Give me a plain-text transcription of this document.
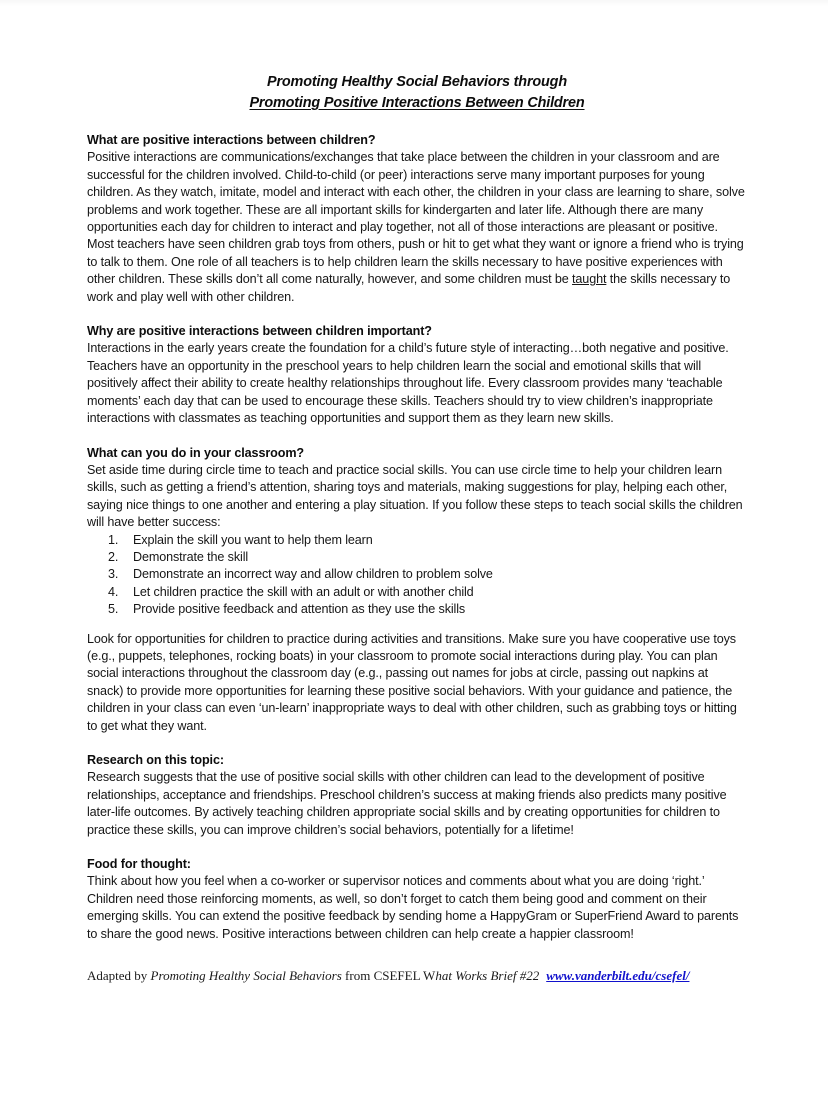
Promoting Healthy Social Behaviors through
Promoting Positive Interactions Between Children

What are positive interactions between children?

Positive interactions are communications/exchanges that take place between the children in your classroom and are successful for the children involved. Child-to-child (or peer) interactions serve many important purposes for young children. As they watch, imitate, model and interact with each other, the children in your class are learning to share, solve problems and work together. These are all important skills for kindergarten and later life. Although there are many opportunities each day for children to interact and play together, not all of those interactions are pleasant or positive. Most teachers have seen children grab toys from others, push or hit to get what they want or ignore a friend who is trying to talk to them. One role of all teachers is to help children learn the skills necessary to have positive experiences with other children. These skills don’t all come naturally, however, and some children must be taught the skills necessary to work and play well with other children.

Why are positive interactions between children important?

Interactions in the early years create the foundation for a child’s future style of interacting…both negative and positive. Teachers have an opportunity in the preschool years to help children learn the social and emotional skills that will positively affect their ability to create healthy relationships throughout life. Every classroom provides many ‘teachable moments’ each day that can be used to encourage these skills. Teachers should try to view children’s inappropriate interactions with classmates as teaching opportunities and support them as they learn new skills.

What can you do in your classroom?

Set aside time during circle time to teach and practice social skills. You can use circle time to help your children learn skills, such as getting a friend’s attention, sharing toys and materials, making suggestions for play, helping each other, saying nice things to one another and entering a play situation. If you follow these steps to teach social skills the children will have better success:

1.	Explain the skill you want to help them learn
2.	Demonstrate the skill
3.	Demonstrate an incorrect way and allow children to problem solve
4.	Let children practice the skill with an adult or with another child
5.	Provide positive feedback and attention as they use the skills

Look for opportunities for children to practice during activities and transitions. Make sure you have cooperative use toys (e.g., puppets, telephones, rocking boats) in your classroom to promote social interactions during play. You can plan social interactions throughout the classroom day (e.g., passing out names for jobs at circle, passing out napkins at snack) to provide more opportunities for learning these positive social behaviors. With your guidance and patience, the children in your class can even ‘un-learn’ inappropriate ways to deal with other children, such as grabbing toys or hitting to get what they want.

Research on this topic:

Research suggests that the use of positive social skills with other children can lead to the development of positive relationships, acceptance and friendships. Preschool children’s success at making friends also predicts many positive later-life outcomes. By actively teaching children appropriate social skills and by creating opportunities for children to practice these skills, you can improve children’s social behaviors, potentially for a lifetime!

Food for thought:

Think about how you feel when a co-worker or supervisor notices and comments about what you are doing ‘right.’ Children need those reinforcing moments, as well, so don’t forget to catch them being good and comment on their emerging skills. You can extend the positive feedback by sending home a HappyGram or SuperFriend Award to parents to share the good news. Positive interactions between children can help create a happier classroom!

Adapted by Promoting Healthy Social Behaviors from CSEFEL What Works Brief #22 www.vanderbilt.edu/csefel/
